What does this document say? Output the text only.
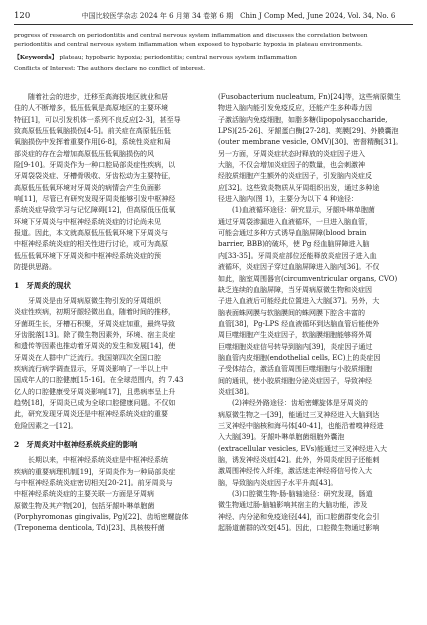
120	中国比较医学杂志 2024 年 6 月第 34 卷第 6 期　Chin J Comp Med, June 2024, Vol. 34, No. 6
progress of research on periodontitis and central nervous system inflammation and discusses the correlation between
periodontitis and central nervous system inflammation when exposed to hypobaric hypoxia in plateau environments.
【Keywords】 plateau; hypobaric hypoxia; periodontitis; central nervous system inflammation
Conflicts of Interest: The authors declare no conflict of interest.

随着社会的进步，迁移至高海拔地区就业和居
住的人不断增多，低压低氧是高原地区的主要环境
特征[1]，可以引发机体一系列不良反应[2-3]，甚至导
致高原低压低氧脑损伤[4-5]。前关症在高原低压低
氧脑损伤中发挥着重要作用[6-8]，系统性炎症和局
部炎症的存在会增加高原低压低氧脑损伤的风
险[9-10]。牙周炎作为一种口腔局部炎症性疾病，以
牙周袋袋炎症、牙槽骨吸收、牙齿松动为主要特征，
高原低压低氧环境对牙周炎的病情会产生负面影
响[11]，尽管已有研究发现牙周炎能够引发中枢神经
系统炎症导致学习与记忆障碍[12]，但高原低压低氧
环境下牙周炎与中枢神经系统炎症的讨论尚未见
报道。因此，本文就高原低压低氧环境下牙周炎与
中枢神经系统炎症的相关性进行讨论，或可为高原
低压低氧环境下牙周炎和中枢神经系统炎症的预
防提供思路。

1　牙周炎的现状

牙周炎是由牙周病原微生物引发的牙周组织
炎症性疾病，初期牙龈轻微出血，随着时间的推移，
牙菌斑生长，牙槽石积聚，牙周炎症加重，最终导致
牙齿脱落[13]。除了微生物因素外，环境、宿主炎症
和遗传等因素也推动着牙周炎的发生和发展[14]，使
牙周炎在人群中广泛流行。我国第四次全国口腔
疾病流行病学调查显示，牙周炎影响了一半以上中
国成年人的口腔健康[15-16]。在全球范围内，约 7.43
亿人的口腔健康受牙周炎影响[17]，且患病率呈上升
趋势[18]，牙周炎已成为全球口腔健康问题。不仅如
此，研究发现牙周炎还是中枢神经系统炎症的重要
危险因素之一[12]。

2　牙周炎对中枢神经系统炎症的影响

长期以来，中枢神经系统炎症是中枢神经系统
疾病的重要病理机制[19]，牙周炎作为一种局部炎症
与中枢神经系统炎症密切相关[20-21]。前牙周炎与
中枢神经系统炎症的主要关联一方面是牙周病
原微生物及其产物[20]，包括牙龈卟啉单胞菌
(Porphyromonas gingivalis, Pg)[22]、齿垢密螺旋体
(Treponema denticola, Td)[23]、具核梭杆菌

(Fusobacterium nucleatum, Fn)[24]等，这些病原微生
物进入脑内能引发免疫反应，还能产生多种毒力因
子激活脑内免疫细胞，如脂多糖(lipopolysaccharide,
LPS)[25-26]、牙龈蛋白酶[27-28]、荚膜[29]、外膜囊泡
(outer membrane vesicle, OMV)[30]、密督精酶[31]。
另一方面，牙周炎症状态时释放的炎症因子进入
大脑，不仅会增加炎症因子的数量，也会刺激神
经胶质细胞产生额外的炎症因子，引发脑内炎症反
应[32]。这些致炎物质从牙周组织出发，通过多种途
径进入脑内(图 1)，主要分为以下 4 种途径：

(1)血液循环途径：研究显示，牙龈卟啉单胞菌
通过牙周袋渗漏进入血液循环，一旦进入脑血管，
可能会通过多种方式诱导血脑屏障(blood brain
barrier, BBB)的破坏，使 Pg 经血脑屏障进入脑
内[33-35]。牙周炎症部位还能释放炎症因子进入血
液循环，炎症因子穿过血脑屏障进入脑内[36]。不仅
如此，脑室周围器官(circumventricular organs, CVO)
缺乏连续的血脑屏障，当牙周病原微生物和炎症因
子进入血液后可能经此位置进入大脑[37]。另外，大
脑表面蛛网膜与软脑膜间的蛛网膜下腔含丰富的
血管[38]，Pg-LPS 经血液循环到达脑血管后能使外
周巨噬细胞产生炎症因子，软脑膜细胞能够将外周
巨噬细胞炎症信号转导到脑内[39]，炎症因子通过
脑血管内皮细胞(endothelial cells, EC)上的炎症因
子受体结合，激活血管周围巨噬细胞与小胶质细胞
间的通讯，使小胶质细胞分泌炎症因子，导致神经
炎症[38]。

(2)神经外路途径：齿垢密螺旋体是牙周炎的
病原微生物之一[39]，能通过三叉神经进入大脑到达
三叉神经中脑核和海马体[40-41]，也能沿着嗅神经进
入大脑[39]。牙龈卟啉单胞菌细胞外囊泡
(extracellular vesicles, EVs)能通过三叉神经进入大
脑，诱发神经炎症[42]。此外，外周炎症因子还能刺
激周围神经传入纤维，激活迷走神经将信号传入大
脑，导致脑内炎症因子水平升高[43]。

(3)口腔微生物-肠-脑轴途径：研究发现，肠道
微生物通过肠-脑轴影响其宿主的大脑功能，涉及
神经、内分泌和免疫途径[44]，而口腔菌群变化会引
起肠道菌群的改变[45]。因此，口腔微生物通过影响
